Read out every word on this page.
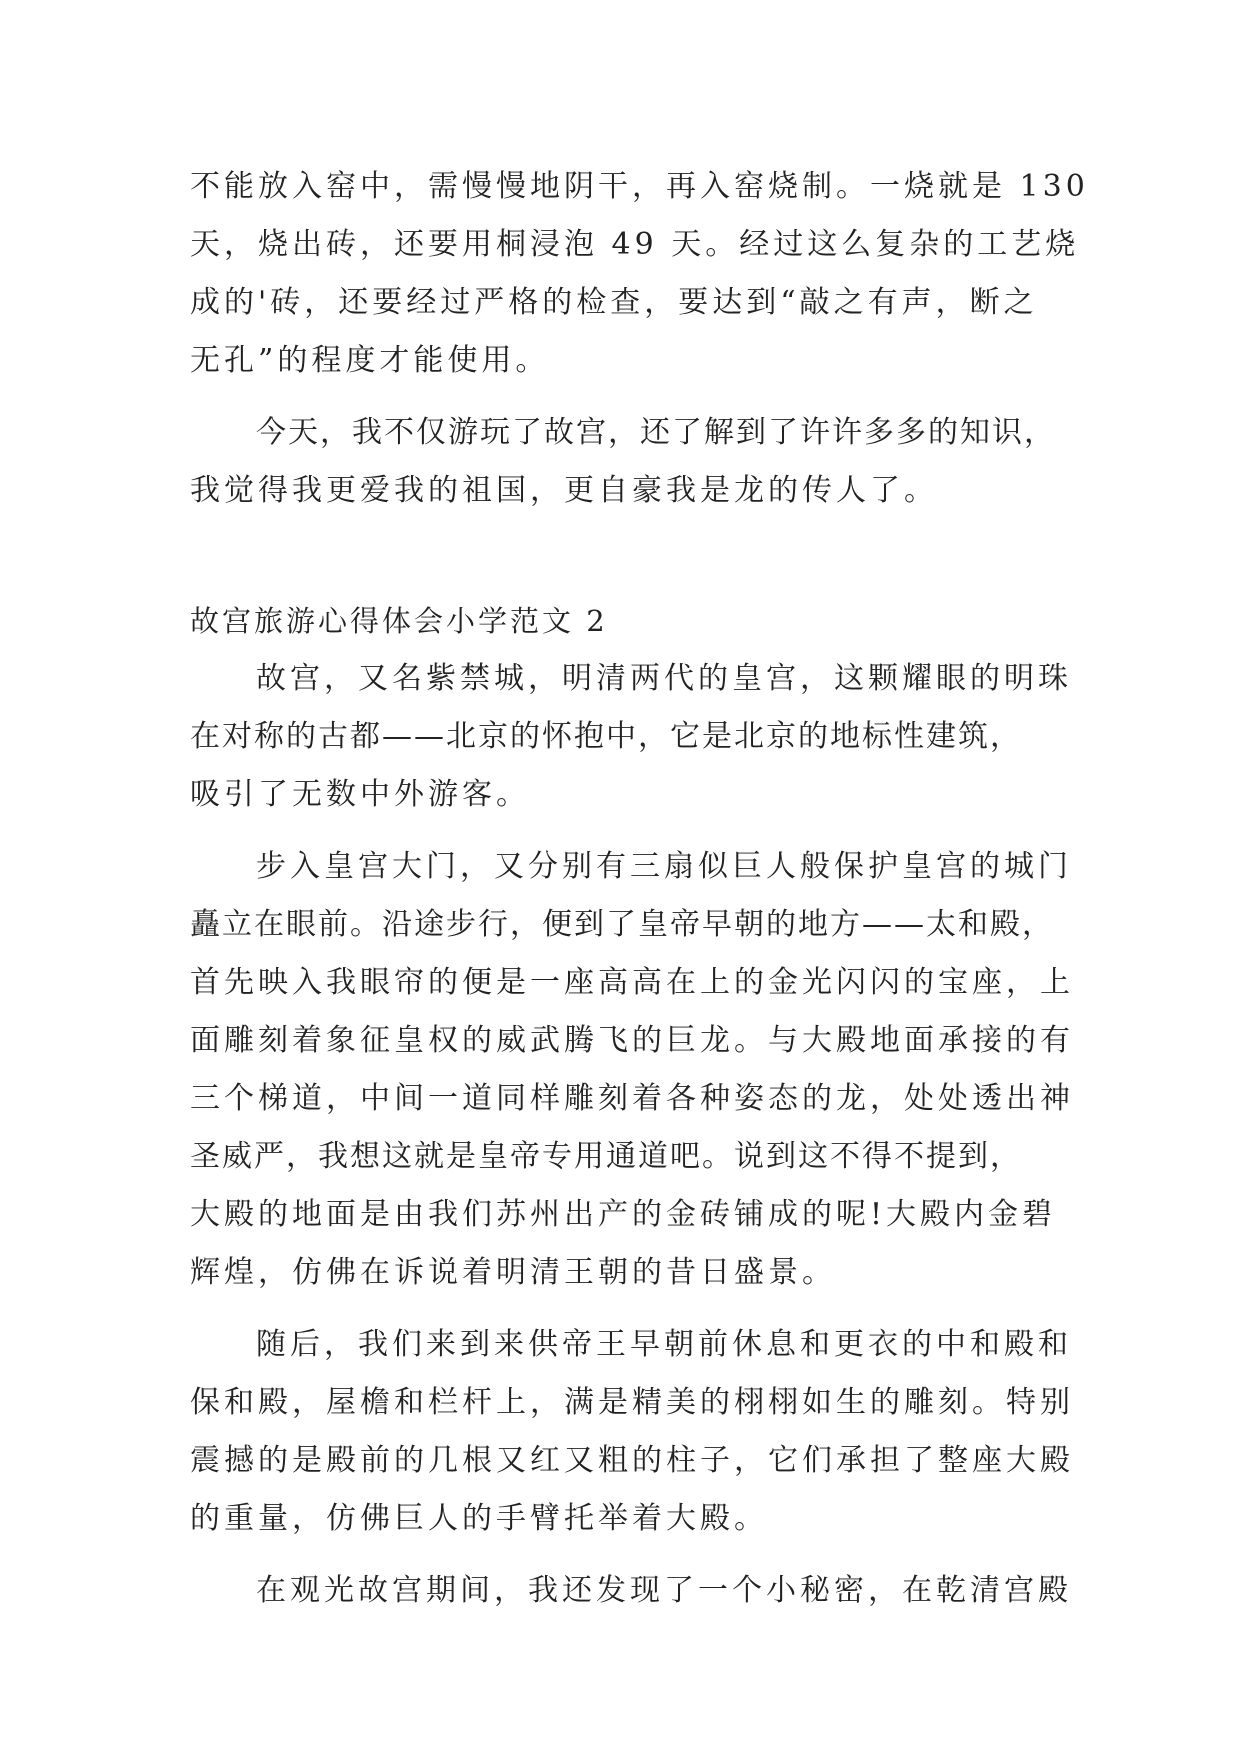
不能放入窑中，需慢慢地阴干，再入窑烧制。一烧就是 130
天，烧出砖，还要用桐浸泡 49 天。经过这么复杂的工艺烧
成的'砖，还要经过严格的检查，要达到“敲之有声，断之
无孔”的程度才能使用。
今天，我不仅游玩了故宫，还了解到了许许多多的知识，
我觉得我更爱我的祖国，更自豪我是龙的传人了。
故宫旅游心得体会小学范文 2
故宫，又名紫禁城，明清两代的皇宫，这颗耀眼的明珠
在对称的古都——北京的怀抱中，它是北京的地标性建筑，
吸引了无数中外游客。
步入皇宫大门，又分别有三扇似巨人般保护皇宫的城门
矗立在眼前。沿途步行，便到了皇帝早朝的地方——太和殿，
首先映入我眼帘的便是一座高高在上的金光闪闪的宝座，上
面雕刻着象征皇权的威武腾飞的巨龙。与大殿地面承接的有
三个梯道，中间一道同样雕刻着各种姿态的龙，处处透出神
圣威严，我想这就是皇帝专用通道吧。说到这不得不提到，
大殿的地面是由我们苏州出产的金砖铺成的呢!大殿内金碧
辉煌，仿佛在诉说着明清王朝的昔日盛景。
随后，我们来到来供帝王早朝前休息和更衣的中和殿和
保和殿，屋檐和栏杆上，满是精美的栩栩如生的雕刻。特别
震撼的是殿前的几根又红又粗的柱子，它们承担了整座大殿
的重量，仿佛巨人的手臂托举着大殿。
在观光故宫期间，我还发现了一个小秘密，在乾清宫殿
